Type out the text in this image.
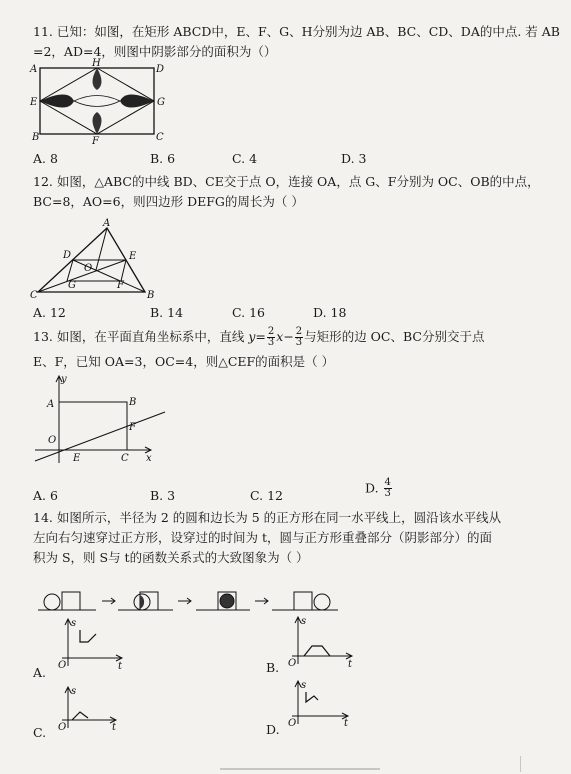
11. 已知：如图，在矩形 ABCD中，E、F、G、H分别为边 AB、BC、CD、DA的中点. 若 AB
=2，AD=4，则图中阴影部分的面积为（）
A
H
D
E	G
B	F	C
A. 8	B. 6	C. 4	D. 3
12. 如图，△ABC的中线 BD、CE交于点 O，连接 OA，点 G、F分别为 OC、OB的中点，
BC=8，AO=6，则四边形 DEFG的周长为（ ）
A
D	E
O
G	F
C	B
A. 12	B. 14	C. 16	D. 18
13. 如图，在平面直角坐标系中，直线 $y= \frac{2}{3} x- \frac{2}{3}$ 与矩形的边 OC、BC分别交于点
E、F，已知 OA=3，OC=4，则△CEF的面积是（ ）
y
A	B
F
O
E	C x
A. 6	B. 3	C. 12	D. $\frac{4}{3}$
14. 如图所示，半径为 2 的圆和边长为 5 的正方形在同一水平线上，圆沿该水平线从
左向右匀速穿过正方形，设穿过的时间为 t，圆与正方形重叠部分（阴影部分）的面
积为 S，则 S与 t的函数关系式的大致图象为（ ）
s
O	t
A.
s
O	t
B.
s
O	t
C.
s
O	t
D.
